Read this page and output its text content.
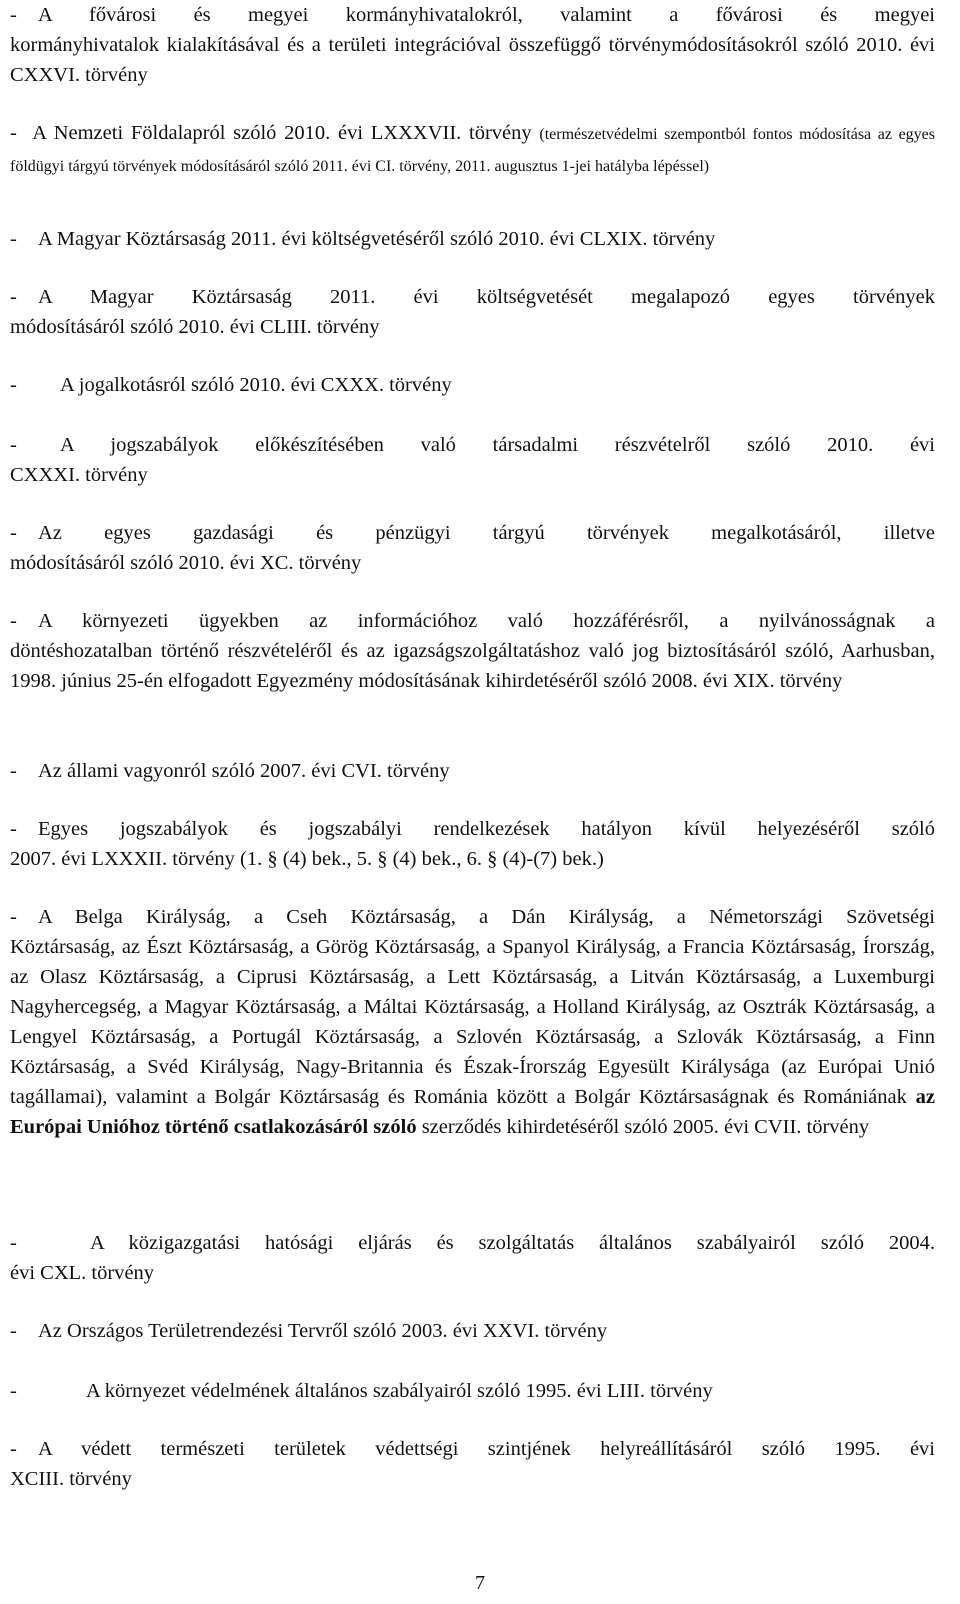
-	A fővárosi és megyei kormányhivatalokról, valamint a fővárosi és megyei

kormányhivatalok kialakításával és a területi integrációval összefüggő törvénymódosításokról szóló 2010. évi CXXVI. törvény

- A Nemzeti Földalapról szóló 2010. évi LXXXVII. törvény (természetvédelmi szempontból fontos módosítása az egyes földügyi tárgyú törvények módosításáról szóló 2011. évi CI. törvény, 2011. augusztus 1-jei hatályba lépéssel)

-	A Magyar Köztársaság 2011. évi költségvetéséről szóló 2010. évi CLXIX. törvény

-	A Magyar Köztársaság 2011. évi költségvetését megalapozó egyes törvények

módosításáról szóló 2010. évi CLIII. törvény

-	A jogalkotásról szóló 2010. évi CXXX. törvény

-	A jogszabályok előkészítésében való társadalmi részvételről szóló 2010. évi

CXXXI. törvény

-	Az egyes gazdasági és pénzügyi tárgyú törvények megalkotásáról, illetve

módosításáról szóló 2010. évi XC. törvény

-	A környezeti ügyekben az információhoz való hozzáférésről, a nyilvánosságnak a

döntéshozatalban történő részvételéről és az igazságszolgáltatáshoz való jog biztosításáról szóló, Aarhusban, 1998. június 25-én elfogadott Egyezmény módosításának kihirdetéséről szóló 2008. évi XIX. törvény

-	Az állami vagyonról szóló 2007. évi CVI. törvény

-	Egyes jogszabályok és jogszabályi rendelkezések hatályon kívül helyezéséről szóló

2007. évi LXXXII. törvény (1. § (4) bek., 5. § (4) bek., 6. § (4)-(7) bek.)

-	A Belga Királyság, a Cseh Köztársaság, a Dán Királyság, a Németországi Szövetségi

Köztársaság, az Észt Köztársaság, a Görög Köztársaság, a Spanyol Királyság, a Francia Köztársaság, Írország, az Olasz Köztársaság, a Ciprusi Köztársaság, a Lett Köztársaság, a Litván Köztársaság, a Luxemburgi Nagyhercegség, a Magyar Köztársaság, a Máltai Köztársaság, a Holland Királyság, az Osztrák Köztársaság, a Lengyel Köztársaság, a Portugál Köztársaság, a Szlovén Köztársaság, a Szlovák Köztársaság, a Finn Köztársaság, a Svéd Királyság, Nagy-Britannia és Észak-Írország Egyesült Királysága (az Európai Unió tagállamai), valamint a Bolgár Köztársaság és Románia között a Bolgár Köztársaságnak és Romániának az Európai Unióhoz történő csatlakozásáról szóló szerződés kihirdetéséről szóló 2005. évi CVII. törvény

-	A közigazgatási hatósági eljárás és szolgáltatás általános szabályairól szóló 2004.

évi CXL. törvény

-	Az Országos Területrendezési Tervről szóló 2003. évi XXVI. törvény

-	A környezet védelmének általános szabályairól szóló 1995. évi LIII. törvény

-	A védett természeti területek védettségi szintjének helyreállításáról szóló 1995. évi

XCIII. törvény

7
